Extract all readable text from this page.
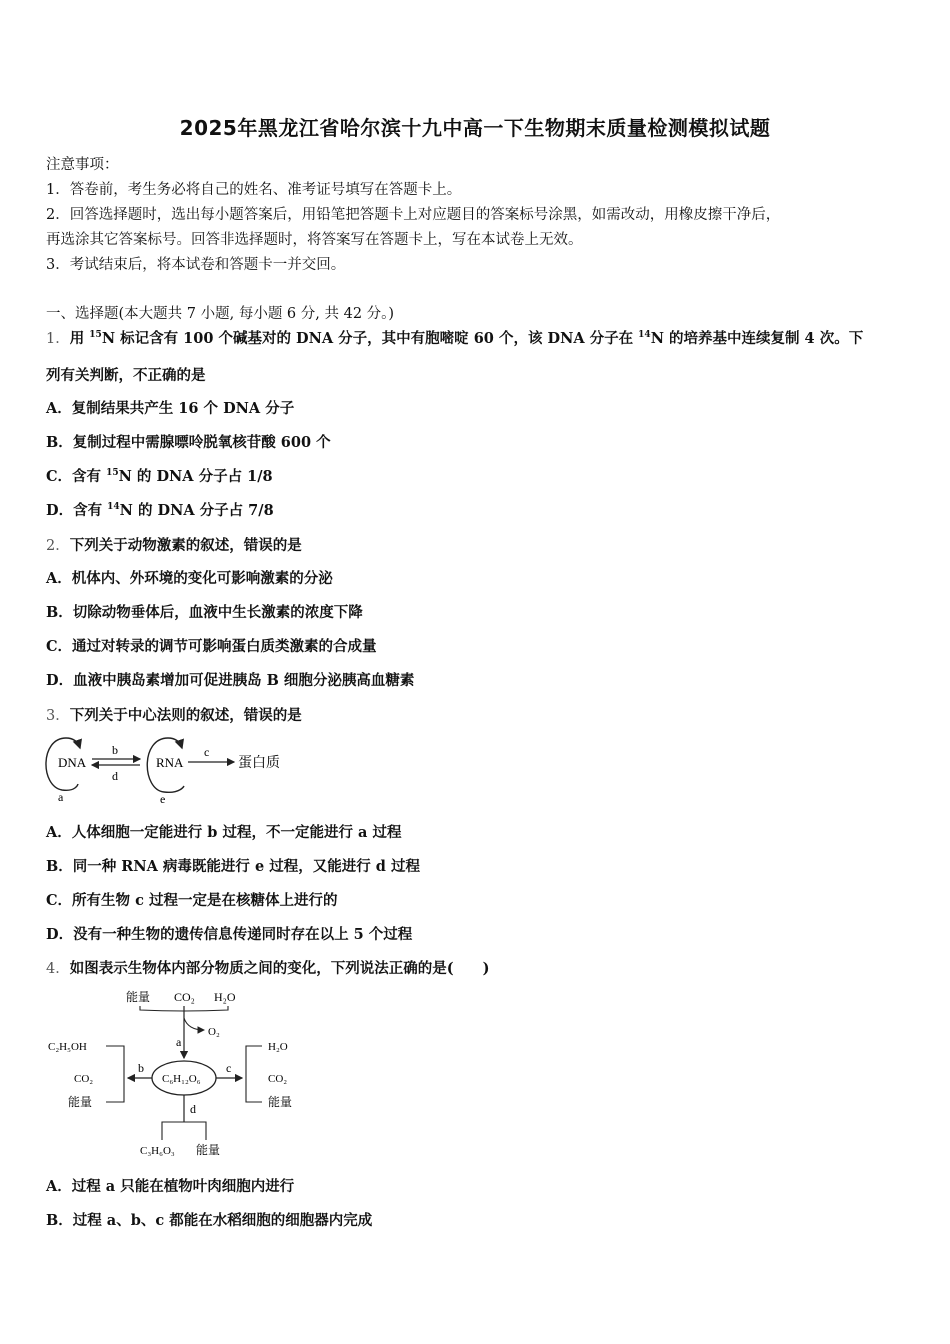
2025年黑龙江省哈尔滨十九中高一下生物期末质量检测模拟试题
注意事项：
1．答卷前，考生务必将自己的姓名、准考证号填写在答题卡上。
2．回答选择题时，选出每小题答案后，用铅笔把答题卡上对应题目的答案标号涂黑，如需改动，用橡皮擦干净后，
再选涂其它答案标号。回答非选择题时，将答案写在答题卡上，写在本试卷上无效。
3．考试结束后，将本试卷和答题卡一并交回。
一、选择题(本大题共 7 小题, 每小题 6 分, 共 42 分。)
1．用 $^{15}$N 标记含有 100 个碱基对的 DNA 分子，其中有胞嘧啶 60 个，该 DNA 分子在 $^{14}$N 的培养基中连续复制 4 次。下
列有关判断，不正确的是
A．复制结果共产生 16 个 DNA 分子
B．复制过程中需腺嘌呤脱氧核苷酸 600 个
C．含有 $^{15}$N 的 DNA 分子占 1/8
D．含有 $^{14}$N 的 DNA 分子占 7/8
2．下列关于动物激素的叙述，错误的是
A．机体内、外环境的变化可影响激素的分泌
B．切除动物垂体后，血液中生长激素的浓度下降
C．通过对转录的调节可影响蛋白质类激素的合成量
D．血液中胰岛素增加可促进胰岛 B 细胞分泌胰高血糖素
3．下列关于中心法则的叙述，错误的是
DNA
a
b
d
RNA
e
c
蛋白质
A．人体细胞一定能进行 b 过程，不一定能进行 a 过程
B．同一种 RNA 病毒既能进行 e 过程，又能进行 d 过程
C．所有生物 c 过程一定是在核糖体上进行的
D．没有一种生物的遗传信息传递同时存在以上 5 个过程
4．如图表示生物体内部分物质之间的变化，下列说法正确的是(　　)
能量 CO₂ H₂O
O₂
a
C₆H₁₂O₆
b
C₂H₅OH
CO₂
能量
c
H₂O
CO₂
能量
d
C₃H₆O₃ 能量
A．过程 a 只能在植物叶肉细胞内进行
B．过程 a、b、c 都能在水稻细胞的细胞器内完成
